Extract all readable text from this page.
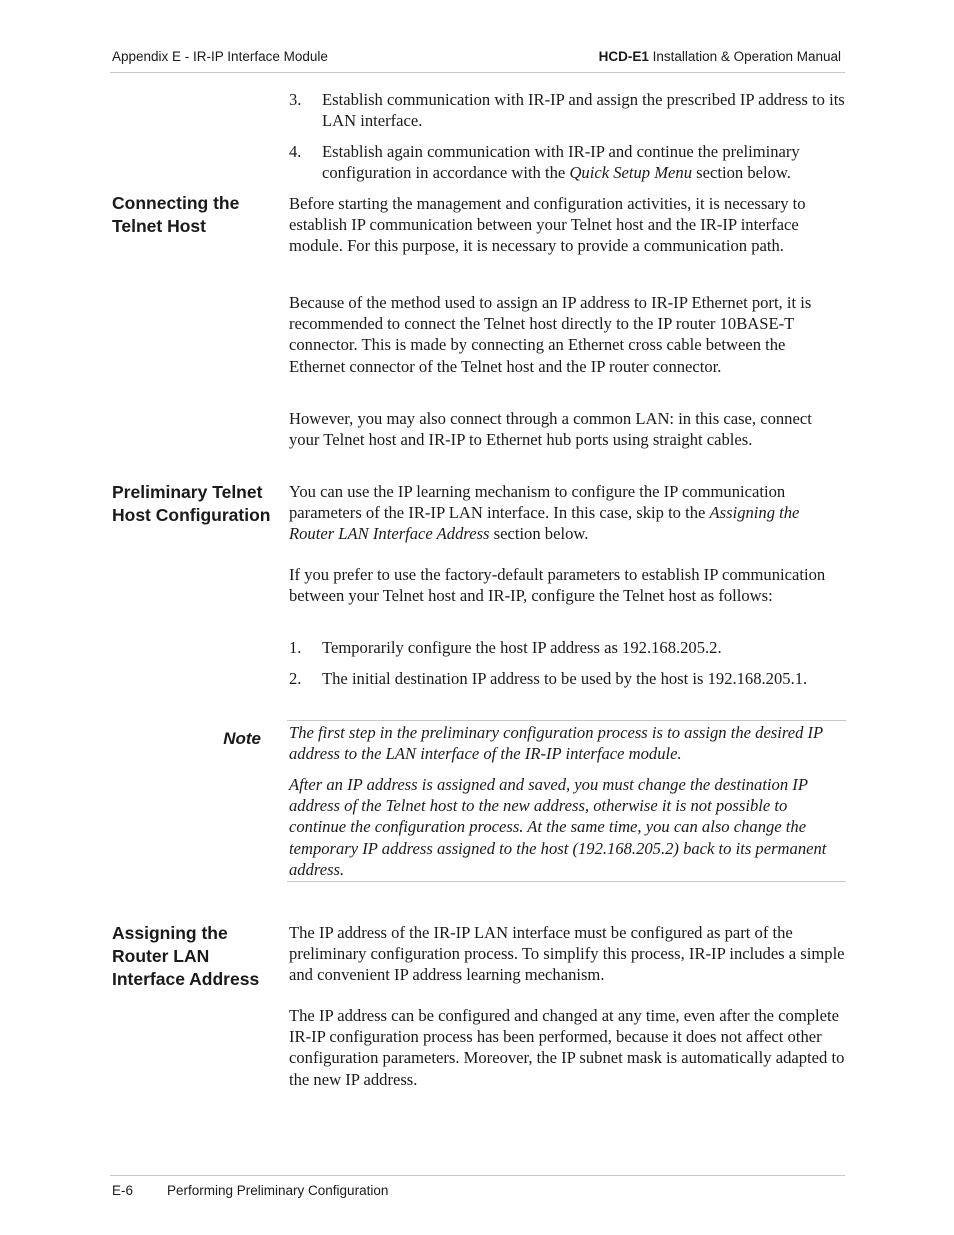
Appendix E - IR-IP Interface Module	HCD-E1 Installation & Operation Manual
3.	Establish communication with IR-IP and assign the prescribed IP address to its LAN interface.
4.	Establish again communication with IR-IP and continue the preliminary configuration in accordance with the Quick Setup Menu section below.
Connecting the Telnet Host

Before starting the management and configuration activities, it is necessary to establish IP communication between your Telnet host and the IR-IP interface module. For this purpose, it is necessary to provide a communication path.

Because of the method used to assign an IP address to IR-IP Ethernet port, it is recommended to connect the Telnet host directly to the IP router 10BASE-T connector. This is made by connecting an Ethernet cross cable between the Ethernet connector of the Telnet host and the IP router connector.

However, you may also connect through a common LAN: in this case, connect your Telnet host and IR-IP to Ethernet hub ports using straight cables.

Preliminary Telnet Host Configuration

You can use the IP learning mechanism to configure the IP communication parameters of the IR-IP LAN interface. In this case, skip to the Assigning the Router LAN Interface Address section below.

If you prefer to use the factory-default parameters to establish IP communication between your Telnet host and IR-IP, configure the Telnet host as follows:

1.	Temporarily configure the host IP address as 192.168.205.2.
2.	The initial destination IP address to be used by the host is 192.168.205.1.
Note The first step in the preliminary configuration process is to assign the desired IP address to the LAN interface of the IR-IP interface module.

After an IP address is assigned and saved, you must change the destination IP address of the Telnet host to the new address, otherwise it is not possible to continue the configuration process. At the same time, you can also change the temporary IP address assigned to the host (192.168.205.2) back to its permanent address.

Assigning the Router LAN Interface Address

The IP address of the IR-IP LAN interface must be configured as part of the preliminary configuration process. To simplify this process, IR-IP includes a simple and convenient IP address learning mechanism.

The IP address can be configured and changed at any time, even after the complete IR-IP configuration process has been performed, because it does not affect other configuration parameters. Moreover, the IP subnet mask is automatically adapted to the new IP address.

E-6	Performing Preliminary Configuration
